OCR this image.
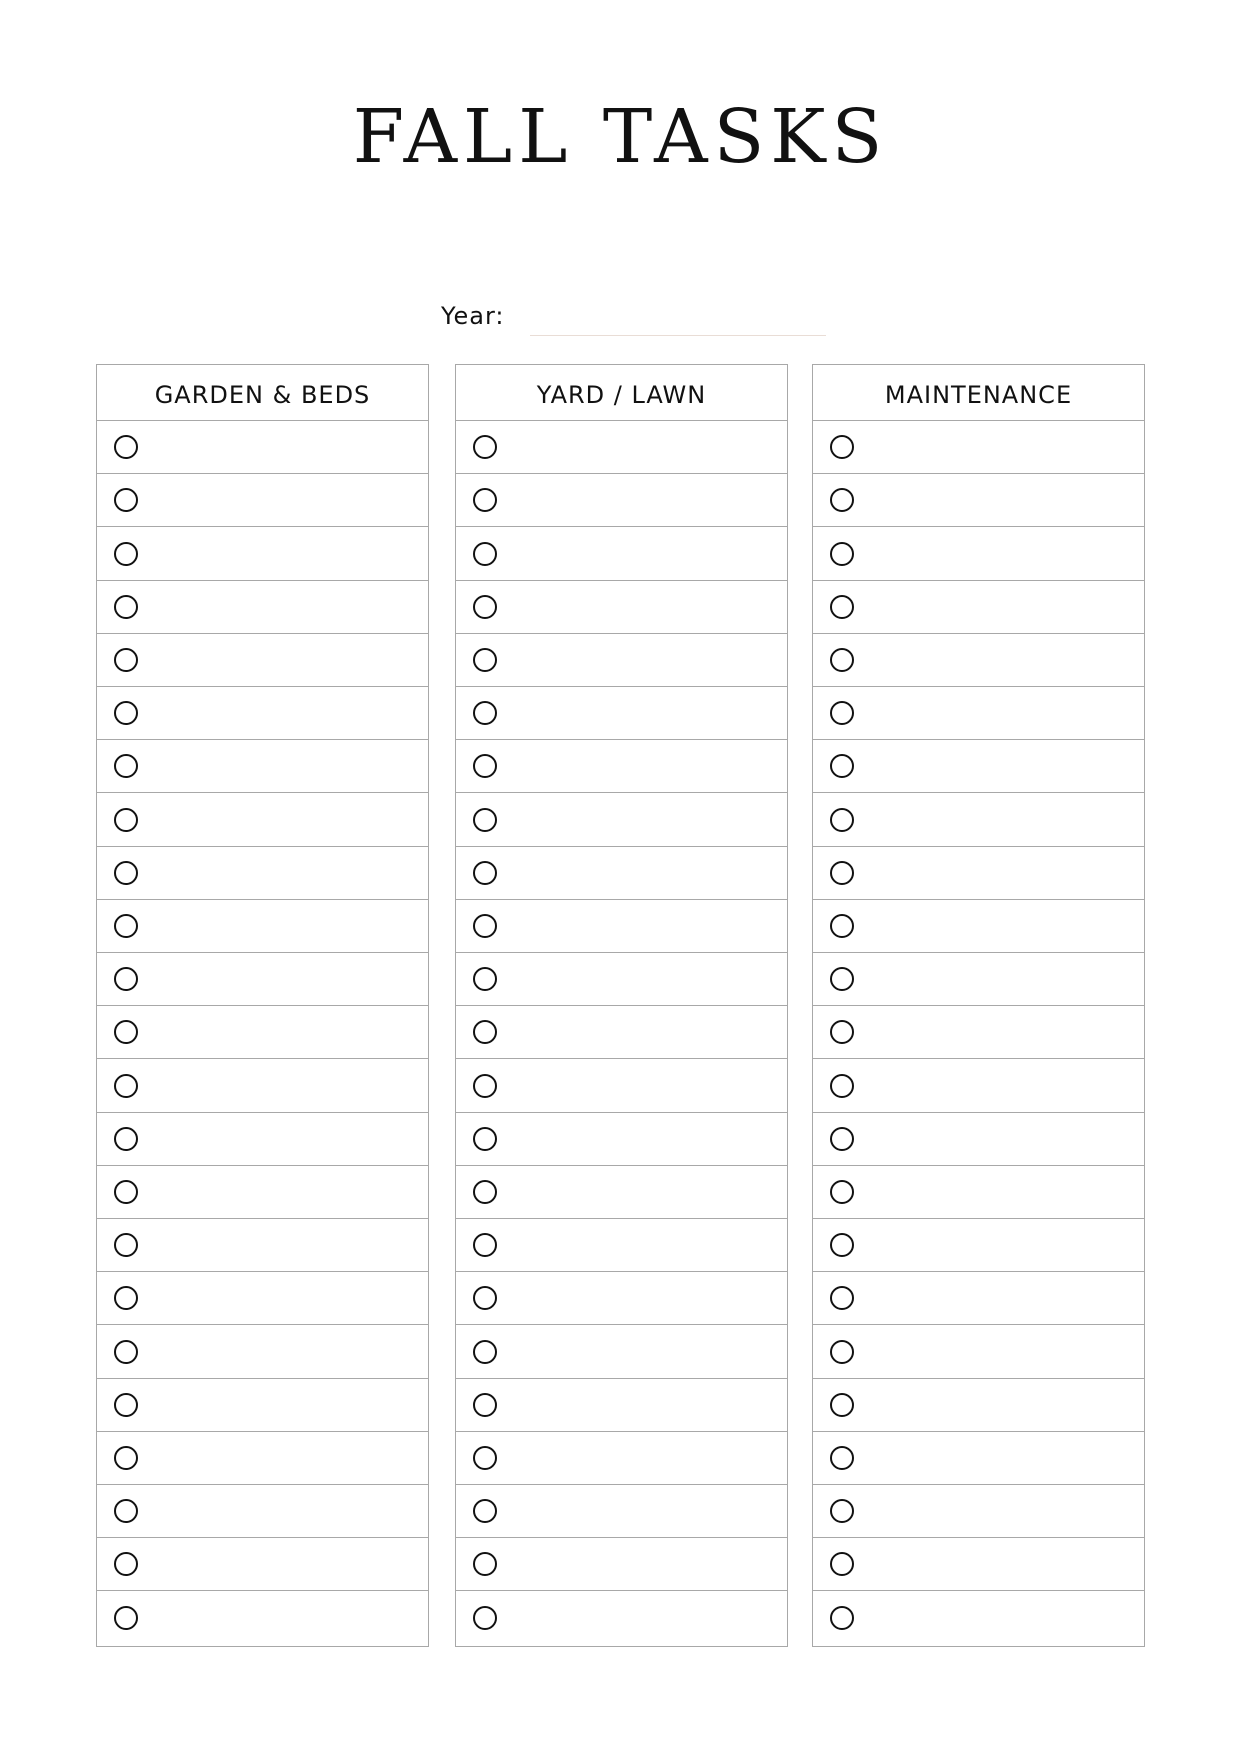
FALL TASKS
Year:
GARDEN & BEDS	YARD / LAWN	MAINTENANCE
